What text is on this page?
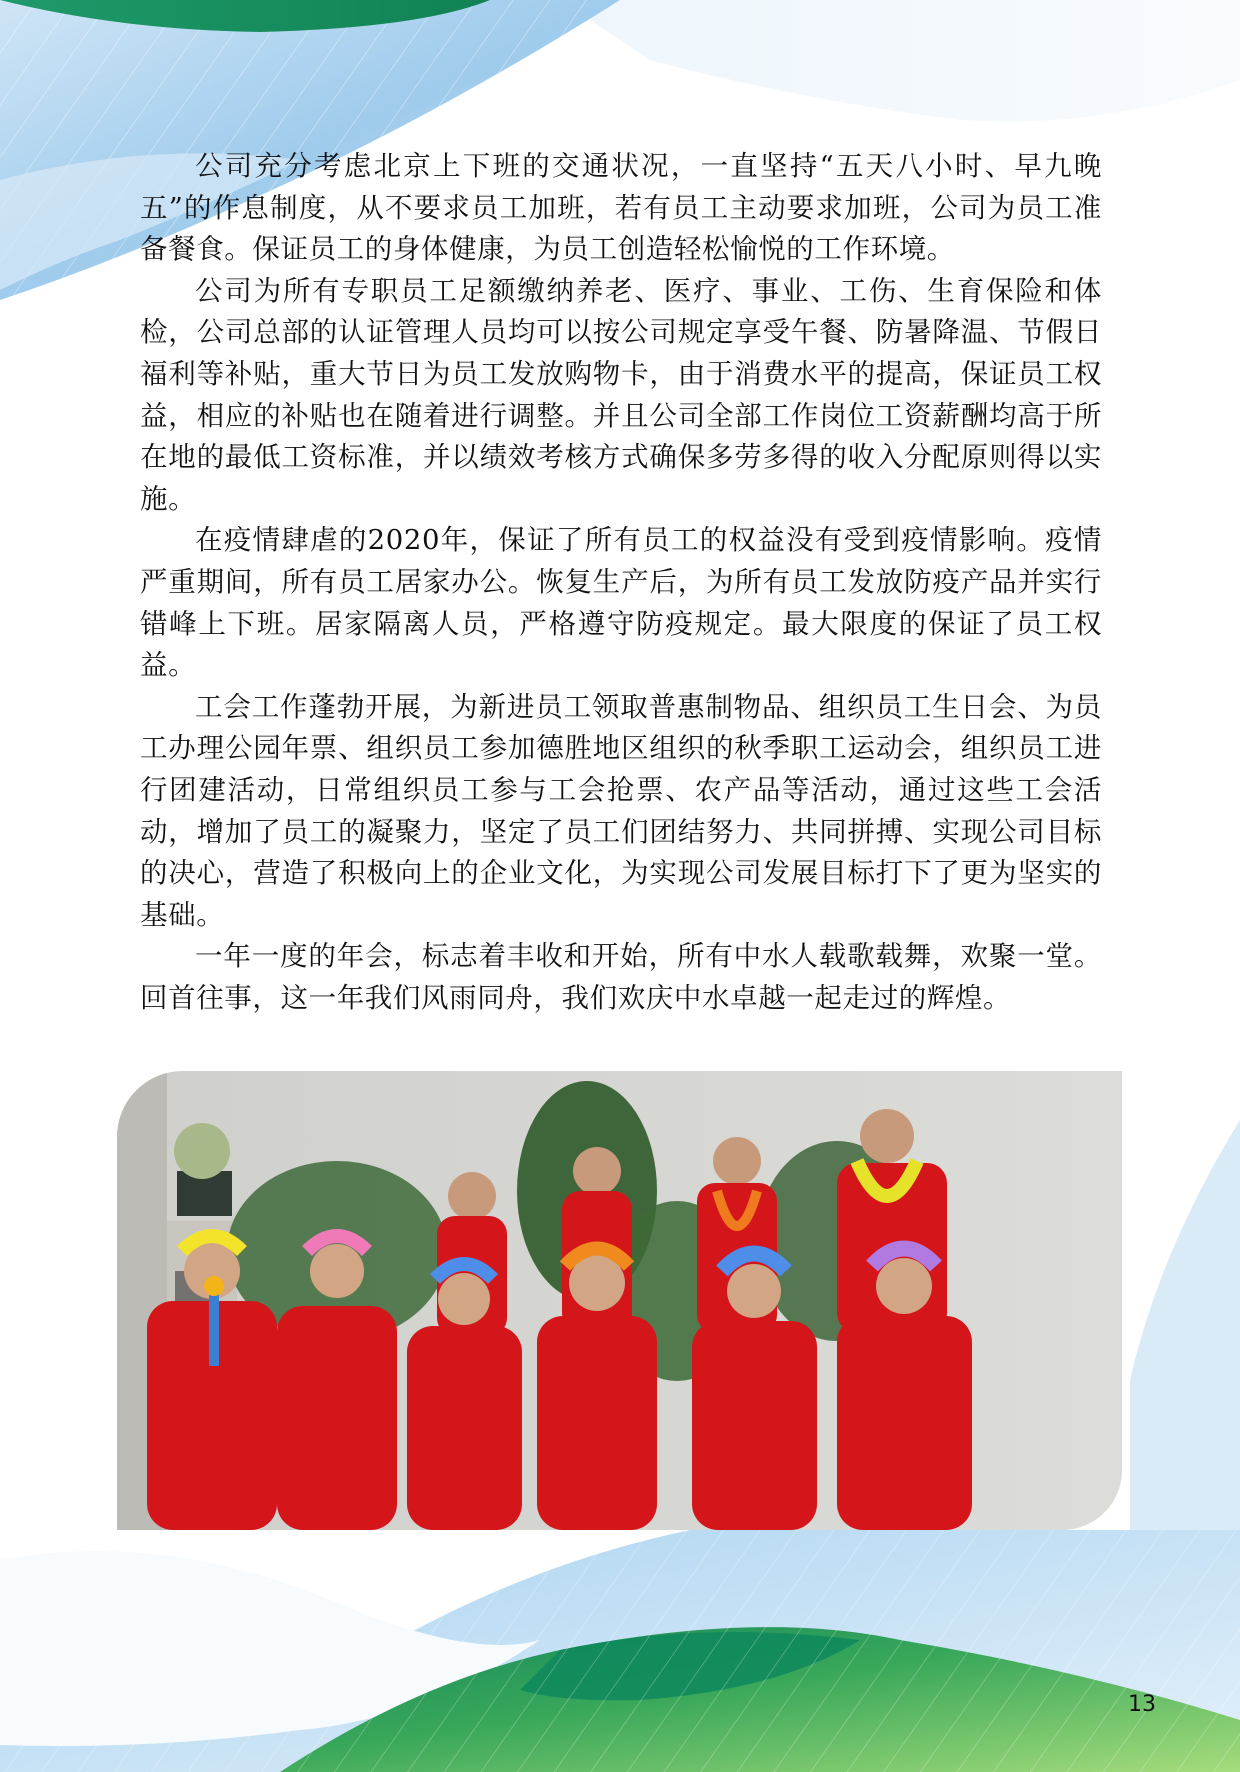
公司充分考虑北京上下班的交通状况，一直坚持“五天八小时、早九晚五”的作息制度，从不要求员工加班，若有员工主动要求加班，公司为员工准备餐食。保证员工的身体健康，为员工创造轻松愉悦的工作环境。

公司为所有专职员工足额缴纳养老、医疗、事业、工伤、生育保险和体检，公司总部的认证管理人员均可以按公司规定享受午餐、防暑降温、节假日福利等补贴，重大节日为员工发放购物卡，由于消费水平的提高，保证员工权益，相应的补贴也在随着进行调整。并且公司全部工作岗位工资薪酬均高于所在地的最低工资标准，并以绩效考核方式确保多劳多得的收入分配原则得以实施。

在疫情肆虐的2020年，保证了所有员工的权益没有受到疫情影响。疫情严重期间，所有员工居家办公。恢复生产后，为所有员工发放防疫产品并实行错峰上下班。居家隔离人员，严格遵守防疫规定。最大限度的保证了员工权益。

工会工作蓬勃开展，为新进员工领取普惠制物品、组织员工生日会、为员工办理公园年票、组织员工参加德胜地区组织的秋季职工运动会，组织员工进行团建活动，日常组织员工参与工会抢票、农产品等活动，通过这些工会活动，增加了员工的凝聚力，坚定了员工们团结努力、共同拼搏、实现公司目标的决心，营造了积极向上的企业文化，为实现公司发展目标打下了更为坚实的基础。

一年一度的年会，标志着丰收和开始，所有中水人载歌载舞，欢聚一堂。回首往事，这一年我们风雨同舟，我们欢庆中水卓越一起走过的辉煌。

13
